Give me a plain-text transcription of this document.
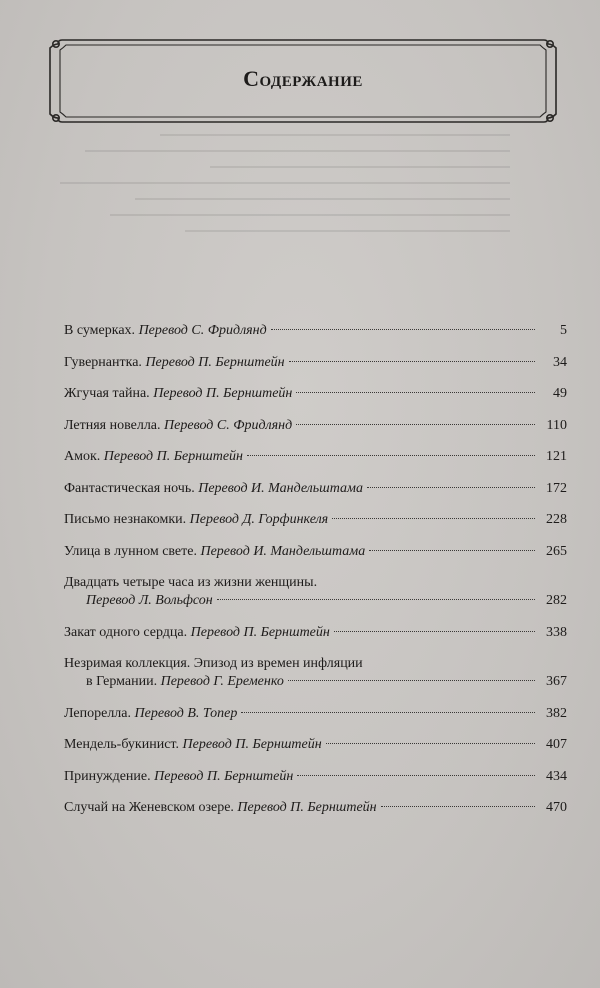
Содержание
В сумерках. Перевод С. Фридлянд	5
Гувернантка. Перевод П. Бернштейн	34
Жгучая тайна. Перевод П. Бернштейн	49
Летняя новелла. Перевод С. Фридлянд	110
Амок. Перевод П. Бернштейн	121
Фантастическая ночь. Перевод И. Мандельштама	172
Письмо незнакомки. Перевод Д. Горфинкеля	228
Улица в лунном свете. Перевод И. Мандельштама	265
Двадцать четыре часа из жизни женщины.
Перевод Л. Вольфсон	282
Закат одного сердца. Перевод П. Бернштейн	338
Незримая коллекция. Эпизод из времен инфляции
в Германии. Перевод Г. Еременко	367
Лепорелла. Перевод В. Топер	382
Мендель-букинист. Перевод П. Бернштейн	407
Принуждение. Перевод П. Бернштейн	434
Случай на Женевском озере. Перевод П. Бернштейн	470
